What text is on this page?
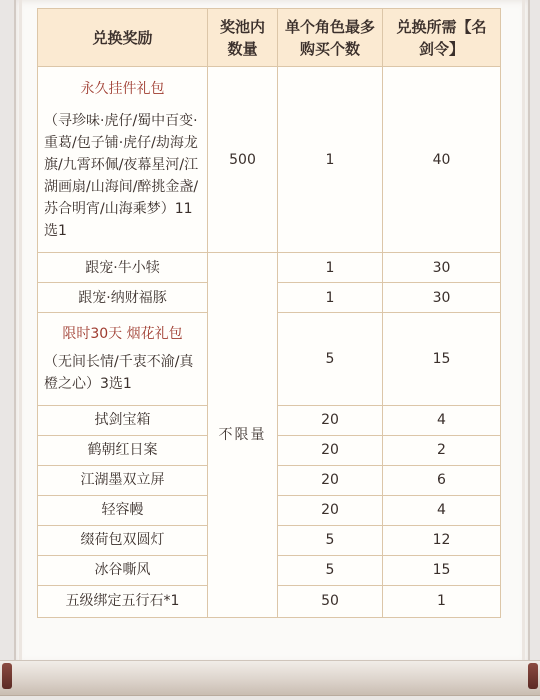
兑换奖励	奖池内数量	单个角色最多购买个数	兑换所需【名剑令】

永久挂件礼包
（寻珍味·虎仔/蜀中百变·重葛/包子铺·虎仔/劫海龙旗/九霄环佩/夜幕星河/江湖画扇/山海间/醉挑金盏/苏合明宵/山海乘梦）11选1	500	1	40
跟宠·牛小犊	不限量	1	30
跟宠·纳财福豚		1	30

限时30天 烟花礼包
（无间长情/千衷不渝/真橙之心）3选1		5	15
拭剑宝箱		20	4
鹤朝红日案		20	2
江湖墨双立屏		20	6
轻容幔		20	4
缀荷包双圆灯		5	12
冰谷嘶风		5	15
五级绑定五行石*1		50	1
